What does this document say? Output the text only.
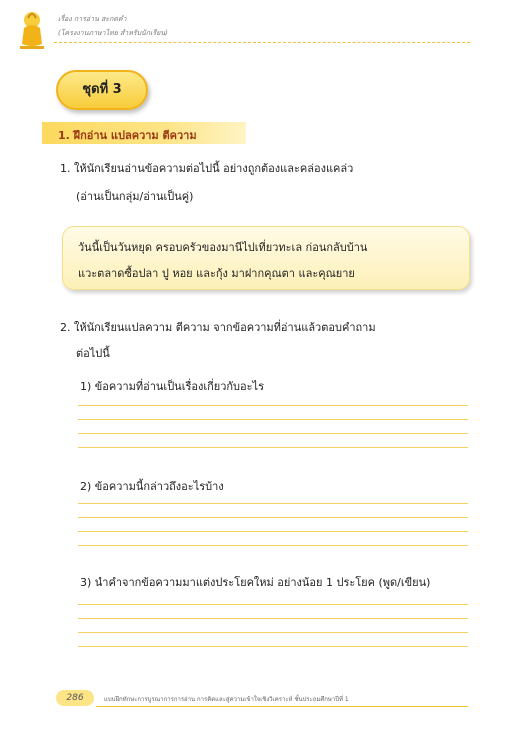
เรื่อง การอ่าน สะกดคำ
(โครงงานภาษาไทย สำหรับนักเรียน)
ชุดที่ 3
1. ฝึกอ่าน แปลความ ตีความ
1. ให้นักเรียนอ่านข้อความต่อไปนี้ อย่างถูกต้องและคล่องแคล่ว
(อ่านเป็นกลุ่ม/อ่านเป็นคู่)
วันนี้เป็นวันหยุด ครอบครัวของมานีไปเที่ยวทะเล ก่อนกลับบ้าน
แวะตลาดซื้อปลา ปู หอย และกุ้ง มาฝากคุณตา และคุณยาย
2. ให้นักเรียนแปลความ ตีความ จากข้อความที่อ่านแล้วตอบคำถาม
ต่อไปนี้
1) ข้อความที่อ่านเป็นเรื่องเกี่ยวกับอะไร
2) ข้อความนี้กล่าวถึงอะไรบ้าง
3) นำคำจากข้อความมาแต่งประโยคใหม่ อย่างน้อย 1 ประโยค (พูด/เขียน)
286	แบบฝึกทักษะการบูรณาการการอ่าน การคิดและสู่ความเข้าใจเชิงวิเคราะห์ ชั้นประถมศึกษาปีที่ 1
